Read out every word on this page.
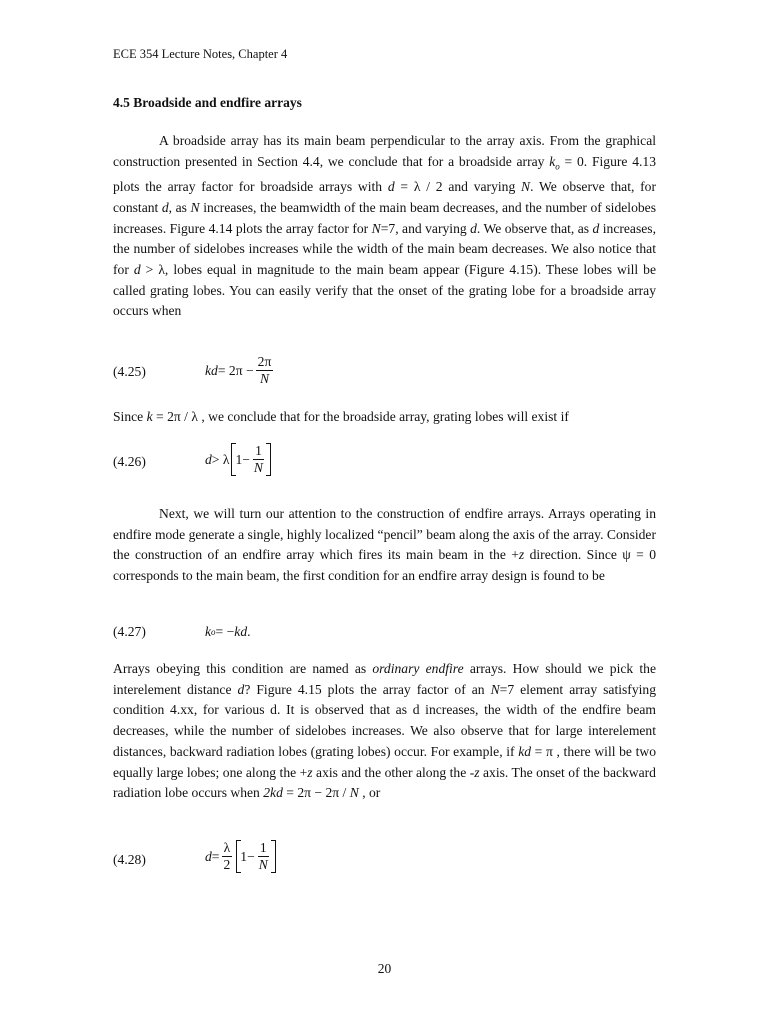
ECE 354 Lecture Notes, Chapter 4
4.5 Broadside and endfire arrays

A broadside array has its main beam perpendicular to the array axis. From the graphical construction presented in Section 4.4, we conclude that for a broadside array $k_o = 0$. Figure 4.13 plots the array factor for broadside arrays with d = λ / 2 and varying N. We observe that, for constant d, as N increases, the beamwidth of the main beam decreases, and the number of sidelobes increases. Figure 4.14 plots the array factor for N=7, and varying d. We observe that, as d increases, the number of sidelobes increases while the width of the main beam decreases. We also notice that for d > λ, lobes equal in magnitude to the main beam appear (Figure 4.15). These lobes will be called grating lobes. You can easily verify that the onset of the grating lobe for a broadside array occurs when

(4.25)	kd = $2\pi - \frac{2\pi}{N}$

Since k = 2π / λ , we conclude that for the broadside array, grating lobes will exist if

(4.26)	d > λ $1- \frac{1}{N}$

Next, we will turn our attention to the construction of endfire arrays. Arrays operating in endfire mode generate a single, highly localized “pencil” beam along the axis of the array. Consider the construction of an endfire array which fires its main beam in the +z direction. Since ψ = 0 corresponds to the main beam, the first condition for an endfire array design is found to be

(4.27)	k o = − kd .

Arrays obeying this condition are named as ordinary endfire arrays. How should we pick the interelement distance d? Figure 4.15 plots the array factor of an N=7 element array satisfying condition 4.xx, for various d. It is observed that as d increases, the width of the endfire beam decreases, while the number of sidelobes increases. We also observe that for large interelement distances, backward radiation lobes (grating lobes) occur. For example, if kd = π , there will be two equally large lobes; one along the +z axis and the other along the -z axis. The onset of the backward radiation lobe occurs when 2kd = 2π − 2π / N , or

(4.28)	$d = \frac{\lambda}{2} 1- \frac{1}{N}$
20
